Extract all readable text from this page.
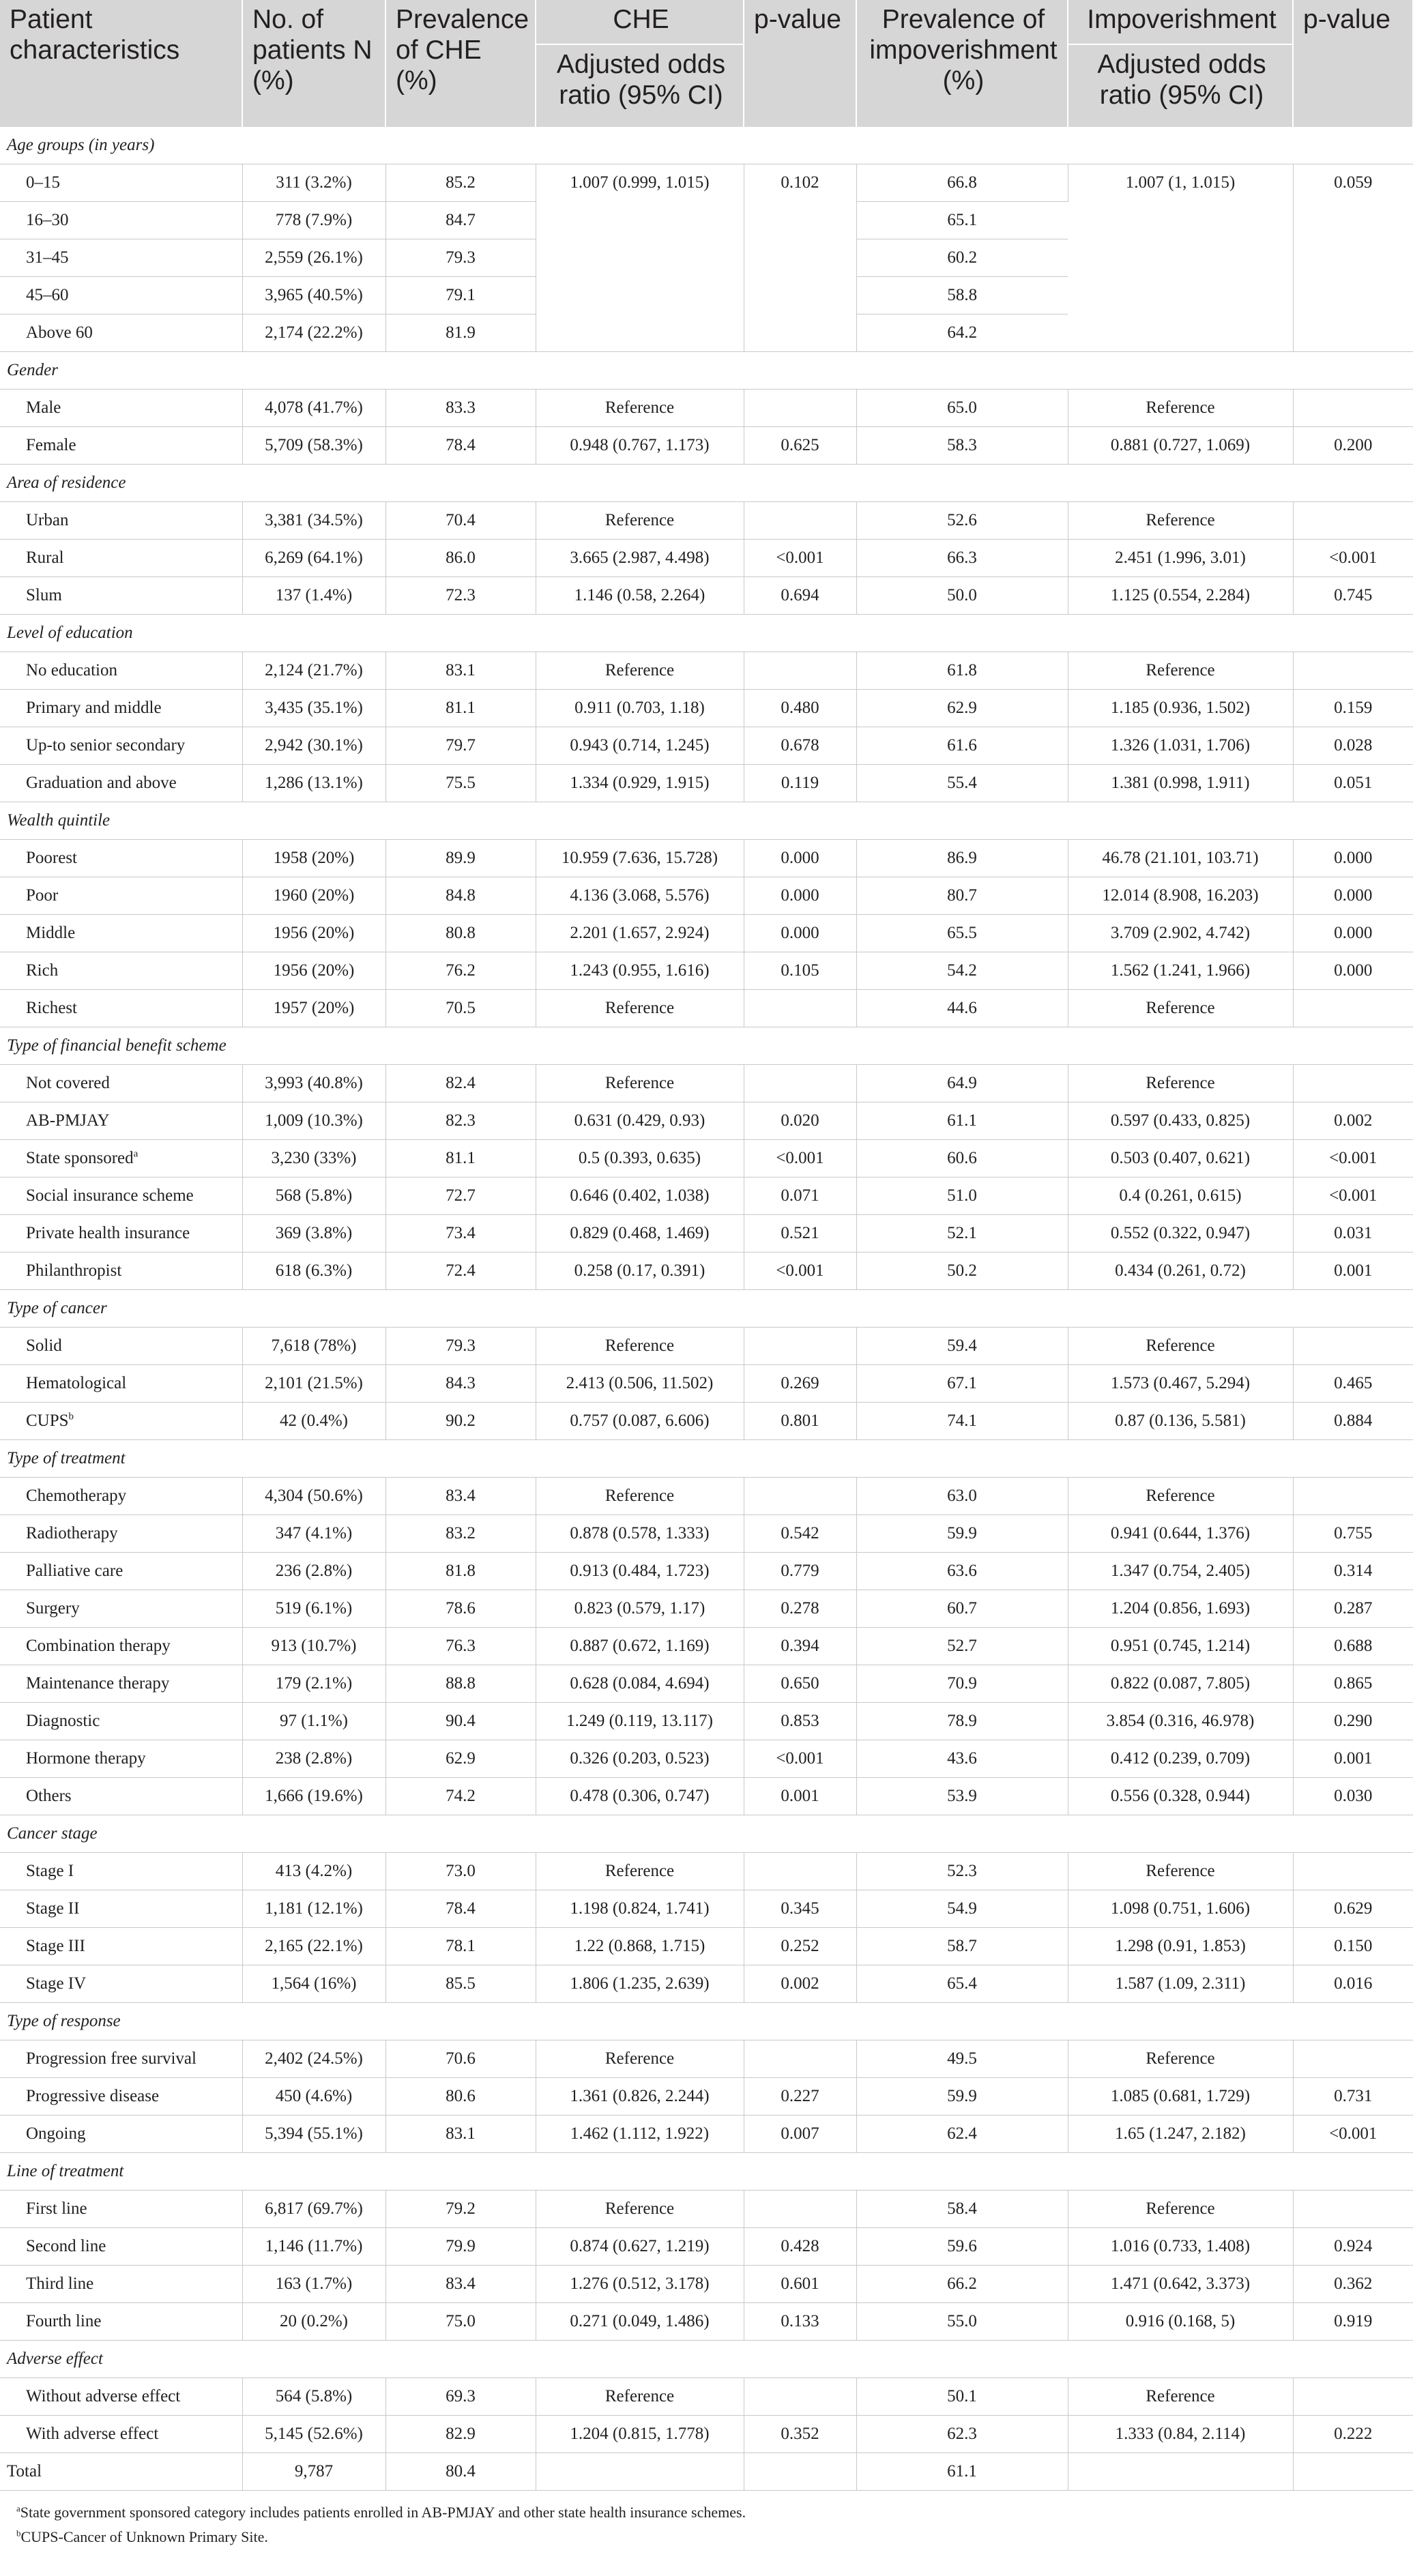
Patient characteristics	No. of patients N (%)	Prevalence of CHE (%)	CHE	p-value	Prevalence of impoverishment (%)	Impoverishment	p-value
			Adjusted odds ratio (95% CI)			Adjusted odds ratio (95% CI)	
Age groups (in years)							
0–15	311 (3.2%)	85.2	1.007 (0.999, 1.015)	0.102	66.8	1.007 (1, 1.015)	0.059
16–30	778 (7.9%)	84.7			65.1		
31–45	2,559 (26.1%)	79.3			60.2		
45–60	3,965 (40.5%)	79.1			58.8		
Above 60	2,174 (22.2%)	81.9			64.2		
Gender							
Male	4,078 (41.7%)	83.3	Reference		65.0	Reference	
Female	5,709 (58.3%)	78.4	0.948 (0.767, 1.173)	0.625	58.3	0.881 (0.727, 1.069)	0.200
Area of residence							
Urban	3,381 (34.5%)	70.4	Reference		52.6	Reference	
Rural	6,269 (64.1%)	86.0	3.665 (2.987, 4.498)	<0.001	66.3	2.451 (1.996, 3.01)	<0.001
Slum	137 (1.4%)	72.3	1.146 (0.58, 2.264)	0.694	50.0	1.125 (0.554, 2.284)	0.745
Level of education							
No education	2,124 (21.7%)	83.1	Reference		61.8	Reference	
Primary and middle	3,435 (35.1%)	81.1	0.911 (0.703, 1.18)	0.480	62.9	1.185 (0.936, 1.502)	0.159
Up-to senior secondary	2,942 (30.1%)	79.7	0.943 (0.714, 1.245)	0.678	61.6	1.326 (1.031, 1.706)	0.028
Graduation and above	1,286 (13.1%)	75.5	1.334 (0.929, 1.915)	0.119	55.4	1.381 (0.998, 1.911)	0.051
Wealth quintile							
Poorest	1958 (20%)	89.9	10.959 (7.636, 15.728)	0.000	86.9	46.78 (21.101, 103.71)	0.000
Poor	1960 (20%)	84.8	4.136 (3.068, 5.576)	0.000	80.7	12.014 (8.908, 16.203)	0.000
Middle	1956 (20%)	80.8	2.201 (1.657, 2.924)	0.000	65.5	3.709 (2.902, 4.742)	0.000
Rich	1956 (20%)	76.2	1.243 (0.955, 1.616)	0.105	54.2	1.562 (1.241, 1.966)	0.000
Richest	1957 (20%)	70.5	Reference		44.6	Reference	
Type of financial benefit scheme							
Not covered	3,993 (40.8%)	82.4	Reference		64.9	Reference	
AB-PMJAY	1,009 (10.3%)	82.3	0.631 (0.429, 0.93)	0.020	61.1	0.597 (0.433, 0.825)	0.002
State sponsored$^a$	3,230 (33%)	81.1	0.5 (0.393, 0.635)	<0.001	60.6	0.503 (0.407, 0.621)	<0.001
Social insurance scheme	568 (5.8%)	72.7	0.646 (0.402, 1.038)	0.071	51.0	0.4 (0.261, 0.615)	<0.001
Private health insurance	369 (3.8%)	73.4	0.829 (0.468, 1.469)	0.521	52.1	0.552 (0.322, 0.947)	0.031
Philanthropist	618 (6.3%)	72.4	0.258 (0.17, 0.391)	<0.001	50.2	0.434 (0.261, 0.72)	0.001
Type of cancer							
Solid	7,618 (78%)	79.3	Reference		59.4	Reference	
Hematological	2,101 (21.5%)	84.3	2.413 (0.506, 11.502)	0.269	67.1	1.573 (0.467, 5.294)	0.465
CUPS$^b$	42 (0.4%)	90.2	0.757 (0.087, 6.606)	0.801	74.1	0.87 (0.136, 5.581)	0.884
Type of treatment							
Chemotherapy	4,304 (50.6%)	83.4	Reference		63.0	Reference	
Radiotherapy	347 (4.1%)	83.2	0.878 (0.578, 1.333)	0.542	59.9	0.941 (0.644, 1.376)	0.755
Palliative care	236 (2.8%)	81.8	0.913 (0.484, 1.723)	0.779	63.6	1.347 (0.754, 2.405)	0.314
Surgery	519 (6.1%)	78.6	0.823 (0.579, 1.17)	0.278	60.7	1.204 (0.856, 1.693)	0.287
Combination therapy	913 (10.7%)	76.3	0.887 (0.672, 1.169)	0.394	52.7	0.951 (0.745, 1.214)	0.688
Maintenance therapy	179 (2.1%)	88.8	0.628 (0.084, 4.694)	0.650	70.9	0.822 (0.087, 7.805)	0.865
Diagnostic	97 (1.1%)	90.4	1.249 (0.119, 13.117)	0.853	78.9	3.854 (0.316, 46.978)	0.290
Hormone therapy	238 (2.8%)	62.9	0.326 (0.203, 0.523)	<0.001	43.6	0.412 (0.239, 0.709)	0.001
Others	1,666 (19.6%)	74.2	0.478 (0.306, 0.747)	0.001	53.9	0.556 (0.328, 0.944)	0.030
Cancer stage							
Stage I	413 (4.2%)	73.0	Reference		52.3	Reference	
Stage II	1,181 (12.1%)	78.4	1.198 (0.824, 1.741)	0.345	54.9	1.098 (0.751, 1.606)	0.629
Stage III	2,165 (22.1%)	78.1	1.22 (0.868, 1.715)	0.252	58.7	1.298 (0.91, 1.853)	0.150
Stage IV	1,564 (16%)	85.5	1.806 (1.235, 2.639)	0.002	65.4	1.587 (1.09, 2.311)	0.016
Type of response							
Progression free survival	2,402 (24.5%)	70.6	Reference		49.5	Reference	
Progressive disease	450 (4.6%)	80.6	1.361 (0.826, 2.244)	0.227	59.9	1.085 (0.681, 1.729)	0.731
Ongoing	5,394 (55.1%)	83.1	1.462 (1.112, 1.922)	0.007	62.4	1.65 (1.247, 2.182)	<0.001
Line of treatment							
First line	6,817 (69.7%)	79.2	Reference		58.4	Reference	
Second line	1,146 (11.7%)	79.9	0.874 (0.627, 1.219)	0.428	59.6	1.016 (0.733, 1.408)	0.924
Third line	163 (1.7%)	83.4	1.276 (0.512, 3.178)	0.601	66.2	1.471 (0.642, 3.373)	0.362
Fourth line	20 (0.2%)	75.0	0.271 (0.049, 1.486)	0.133	55.0	0.916 (0.168, 5)	0.919
Adverse effect							
Without adverse effect	564 (5.8%)	69.3	Reference		50.1	Reference	
With adverse effect	5,145 (52.6%)	82.9	1.204 (0.815, 1.778)	0.352	62.3	1.333 (0.84, 2.114)	0.222
Total	9,787	80.4			61.1		

$^a$State government sponsored category includes patients enrolled in AB-PMJAY and other state health insurance schemes.

$^b$CUPS-Cancer of Unknown Primary Site.
